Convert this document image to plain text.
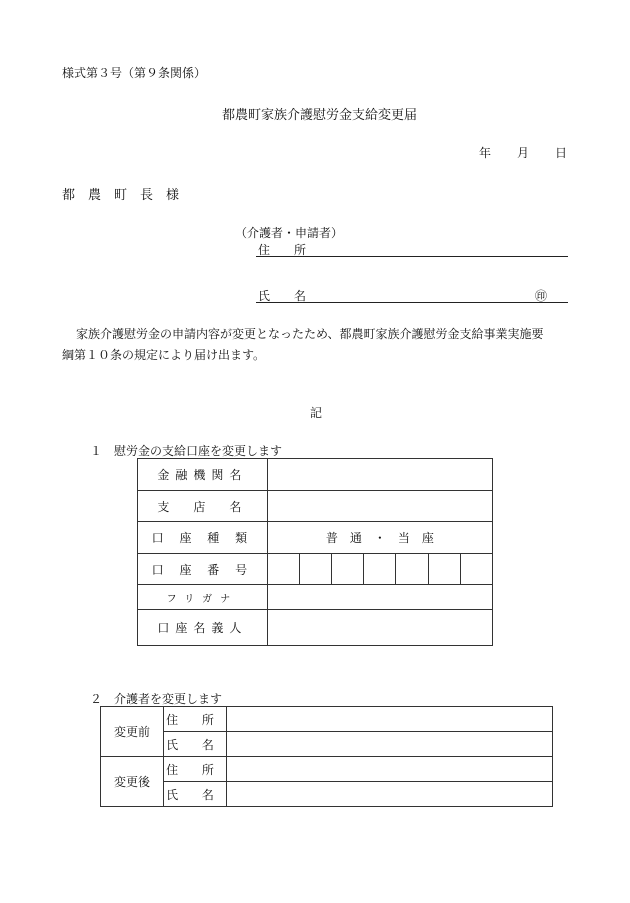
様式第３号（第９条関係）
都農町家族介護慰労金支給変更届
年 月 日
都　農　町　長　様
（介護者・申請者）
住　　所
氏　　名	㊞
家族介護慰労金の申請内容が変更となったため、都農町家族介護慰労金支給事業実施要
綱第１０条の規定により届け出ます。
記
１　慰労金の支給口座を変更します
金融機関名							
支　店　名							
口 座 種 類	普　通　・　当　座						
口 座 番 号							
フリガナ							
口座名義人							
２　介護者を変更します
変更前	住 所	
	氏 名	
変更後	住 所	
	氏 名	
